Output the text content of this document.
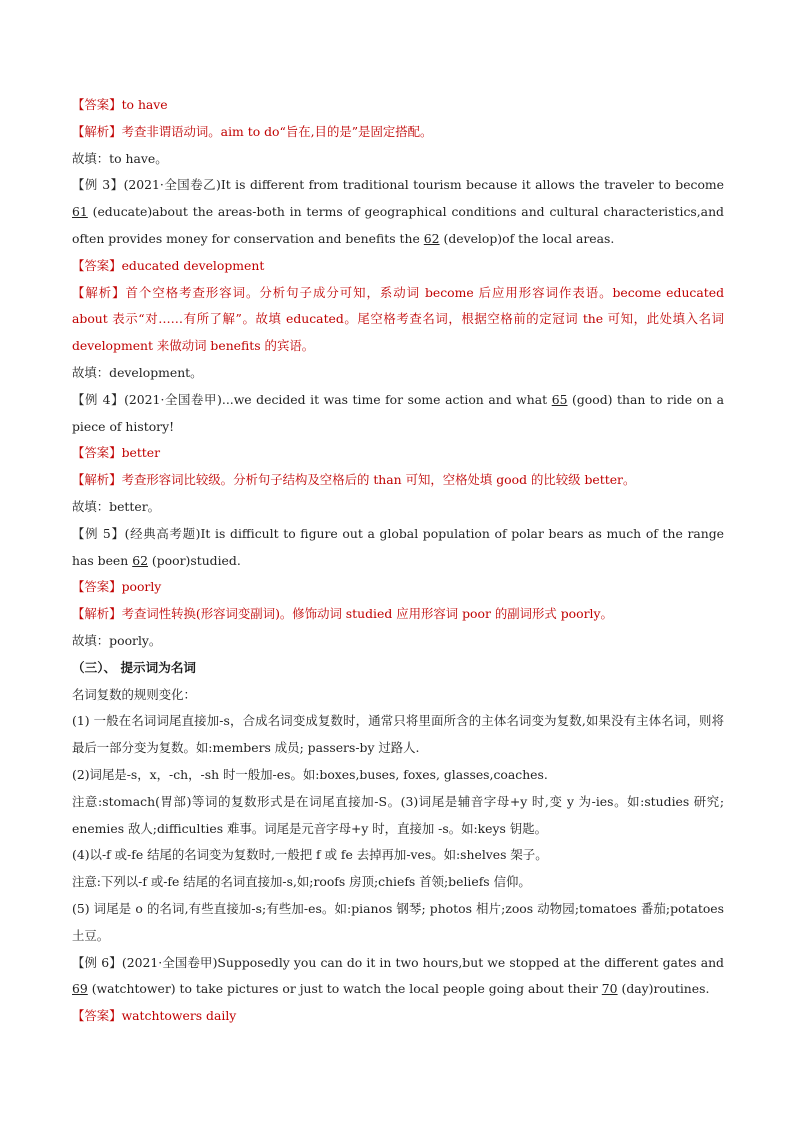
【答案】to have
【解析】考查非谓语动词。aim to do“旨在,目的是”是固定搭配。
故填：to have。
【例 3】(2021·全国卷乙)It is different from traditional tourism because it allows the traveler to become 61 (educate)about the areas-both in terms of geographical conditions and cultural characteristics,and often provides money for conservation and benefits the 62 (develop)of the local areas.
【答案】educated development
【解析】首个空格考查形容词。分析句子成分可知，系动词 become 后应用形容词作表语。become educated about 表示“对……有所了解”。故填 educated。尾空格考查名词，根据空格前的定冠词 the 可知，此处填入名词 development 来做动词 benefits 的宾语。
故填：development。
【例 4】(2021·全国卷甲)...we decided it was time for some action and what 65 (good) than to ride on a piece of history!
【答案】better
【解析】考查形容词比较级。分析句子结构及空格后的 than 可知，空格处填 good 的比较级 better。
故填：better。
【例 5】(经典高考题)It is difficult to figure out a global population of polar bears as much of the range has been 62 (poor)studied.
【答案】poorly
【解析】考查词性转换(形容词变副词)。修饰动词 studied 应用形容词 poor 的副词形式 poorly。
故填：poorly。
（三）、 提示词为名词
名词复数的规则变化：
(1) 一般在名词词尾直接加-s，合成名词变成复数时，通常只将里面所含的主体名词变为复数,如果没有主体名词，则将最后一部分变为复数。如:members 成员; passers-by 过路人.
(2)词尾是-s，x，-ch，-sh 时一般加-es。如:boxes,buses, foxes, glasses,coaches.
注意:stomach(胃部)等词的复数形式是在词尾直接加-S。(3)词尾是辅音字母+y 时,变 y 为-ies。如:studies 研究; enemies 敌人;difficulties 难事。词尾是元音字母+y 时，直接加 -s。如:keys 钥匙。
(4)以-f 或-fe 结尾的名词变为复数时,一般把 f 或 fe 去掉再加-ves。如:shelves 架子。
注意:下列以-f 或-fe 结尾的名词直接加-s,如;roofs 房顶;chiefs 首领;beliefs 信仰。
(5) 词尾是 o 的名词,有些直接加-s;有些加-es。如:pianos 钢琴; photos 相片;zoos 动物园;tomatoes 番茄;potatoes 土豆。
【例 6】(2021·全国卷甲)Supposedly you can do it in two hours,but we stopped at the different gates and 69 (watchtower) to take pictures or just to watch the local people going about their 70 (day)routines.
【答案】watchtowers daily
